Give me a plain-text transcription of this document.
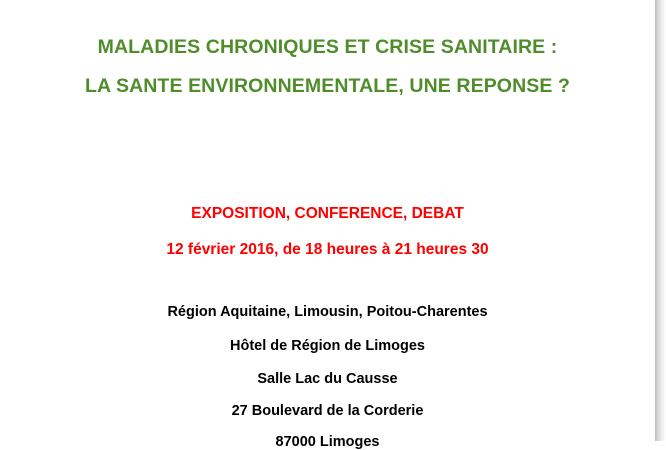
MALADIES CHRONIQUES ET CRISE SANITAIRE :
LA SANTE ENVIRONNEMENTALE, UNE REPONSE ?
EXPOSITION, CONFERENCE, DEBAT
12 février 2016, de 18 heures à 21 heures 30
Région Aquitaine, Limousin, Poitou-Charentes
Hôtel de Région de Limoges
Salle Lac du Causse
27 Boulevard de la Corderie
87000 Limoges
